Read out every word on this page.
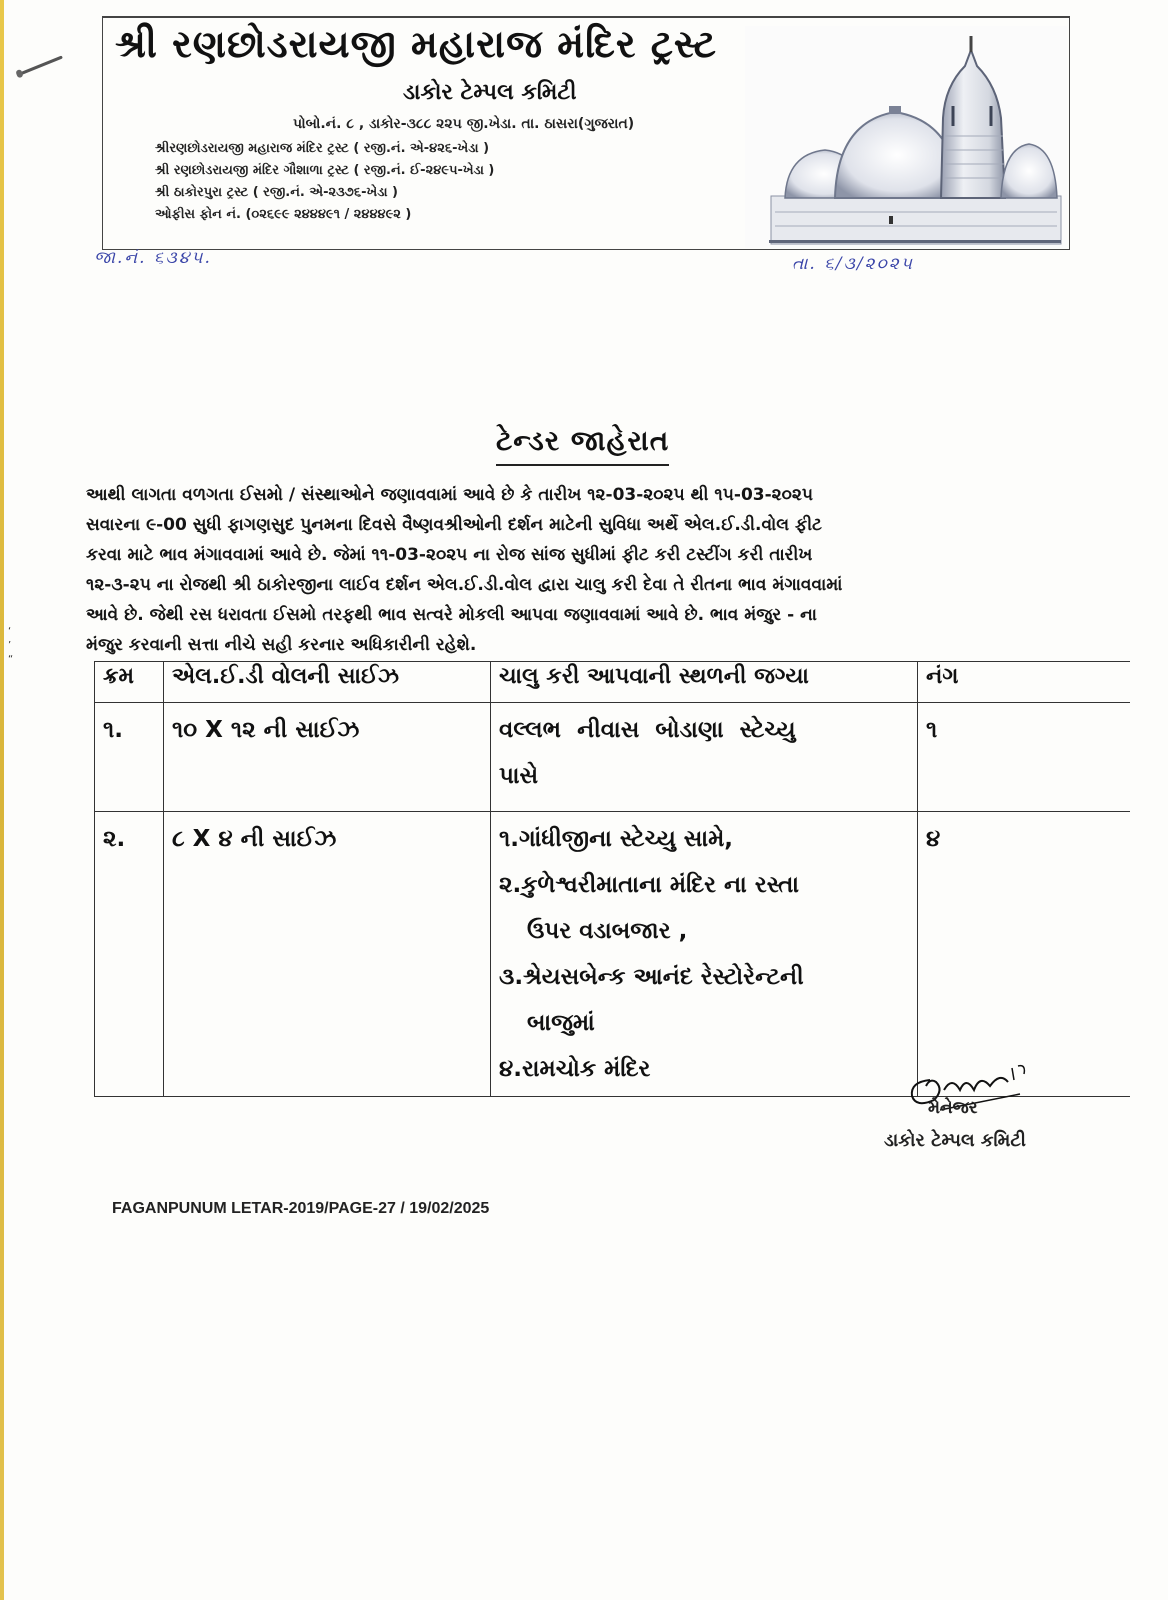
‘
’
“
શ્રી રણછોડરાયજી મહારાજ મંદિર ટ્રસ્ટ
ડાકોર ટેમ્પલ કમિટી
પોબો.નં. ૮ , ડાકોર-૩૮૮ ૨૨૫ જી.ખેડા. તા. ઠાસરા(ગુજરાત)
શ્રીરણછોડરાયજી મહારાજ મંદિર ટ્રસ્ટ ( રજી.નં. એ-૪૨૬-ખેડા )
શ્રી રણછોડરાયજી મંદિર ગૌશાળા ટ્રસ્ટ ( રજી.નં. ઈ-૨૪૯૫-ખેડા )
શ્રી ઠાકોરપુરા ટ્રસ્ટ ( રજી.નં. એ-૨૩૭૬-ખેડા )
ઓફીસ ફોન નં. (૦૨૬૯૯ ૨૪૪૪૯૧ / ૨૪૪૪૯૨ )
જા.નં. ૬૩૪૫.	તા. ૬/૩/૨૦૨૫
ટેન્ડર જાહેરાત
આથી લાગતા વળગતા ઈસમો / સંસ્થાઓને જણાવવામાં આવે છે કે તારીખ ૧૨-03-૨૦૨૫ થી ૧૫-03-૨૦૨૫
સવારના ૯-00 સુધી ફાગણસુદ પુનમના દિવસે વૈષ્ણવશ્રીઓની દર્શન માટેની સુવિધા અર્થે એલ.ઈ.ડી.વોલ ફીટ
કરવા માટે ભાવ મંગાવવામાં આવે છે. જેમાં ૧૧-03-૨૦૨૫ ના રોજ સાંજ સુધીમાં ફીટ કરી ટસ્ટીંગ કરી તારીખ
૧૨-૩-૨૫ ના રોજથી શ્રી ઠાકોરજીના લાઈવ દર્શન એલ.ઈ.ડી.વોલ દ્વારા ચાલુ કરી દેવા તે રીતના ભાવ મંગાવવામાં
આવે છે. જેથી રસ ધરાવતા ઈસમો તરફથી ભાવ સત્વરે મોકલી આપવા જણાવવામાં આવે છે. ભાવ મંજુર - ના
મંજુર કરવાની સત્તા નીચે સહી કરનાર અધિકારીની રહેશે.
ક્રમ	એલ.ઈ.ડી વોલની સાઈઝ	ચાલુ કરી આપવાની સ્થળની જગ્યા	નંગ
૧.	૧૦ X ૧૨ ની સાઈઝ	વલ્લભ  નીવાસ  બોડાણા  સ્ટેચ્યુ
પાસે	૧
૨.	૮ X ૪ ની સાઈઝ	૧.ગાંધીજીના સ્ટેચ્યુ સામે,
૨.કુળેશ્વરીમાતાના મંદિર ના રસ્તા
ઉપર વડાબજાર ,
૩.શ્રેયસબેન્ક આનંદ રેસ્ટોરેન્ટની
બાજુમાં
૪.રામચોક મંદિર
	૪
મેનેજર
ડાકોર ટેમ્પલ કમિટી
FAGANPUNUM LETAR-2019/PAGE-27 / 19/02/2025
